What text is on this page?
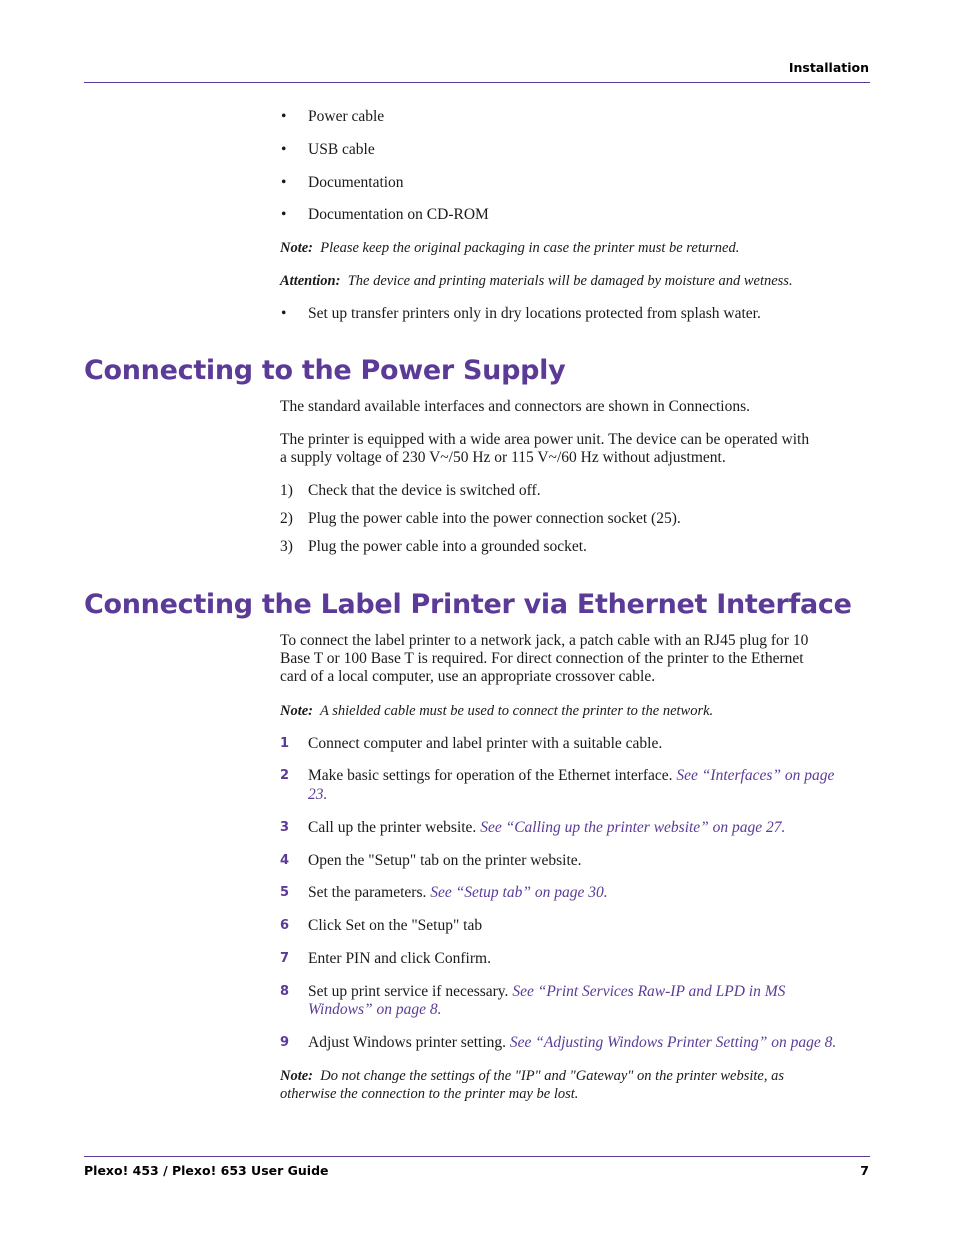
Installation
• Power cable
• USB cable
• Documentation
• Documentation on CD-ROM
Note: Please keep the original packaging in case the printer must be returned.
Attention: The device and printing materials will be damaged by moisture and wetness.
• Set up transfer printers only in dry locations protected from splash water.
Connecting to the Power Supply
The standard available interfaces and connectors are shown in Connections.
The printer is equipped with a wide area power unit. The device can be operated with
a supply voltage of 230 V~/50 Hz or 115 V~/60 Hz without adjustment.
1) Check that the device is switched off.
2) Plug the power cable into the power connection socket (25).
3) Plug the power cable into a grounded socket.
Connecting the Label Printer via Ethernet Interface
To connect the label printer to a network jack, a patch cable with an RJ45 plug for 10
Base T or 100 Base T is required. For direct connection of the printer to the Ethernet
card of a local computer, use an appropriate crossover cable.
Note: A shielded cable must be used to connect the printer to the network.
1 Connect computer and label printer with a suitable cable.
2 Make basic settings for operation of the Ethernet interface. See “Interfaces” on page
23.
3 Call up the printer website. See “Calling up the printer website” on page 27.
4 Open the "Setup" tab on the printer website.
5 Set the parameters. See “Setup tab” on page 30.
6 Click Set on the "Setup" tab
7 Enter PIN and click Confirm.
8 Set up print service if necessary. See “Print Services Raw-IP and LPD in MS
Windows” on page 8.
9 Adjust Windows printer setting. See “Adjusting Windows Printer Setting” on page 8.
Note: Do not change the settings of the "IP" and "Gateway" on the printer website, as
otherwise the connection to the printer may be lost.
Plexo! 453 / Plexo! 653 User Guide	7
